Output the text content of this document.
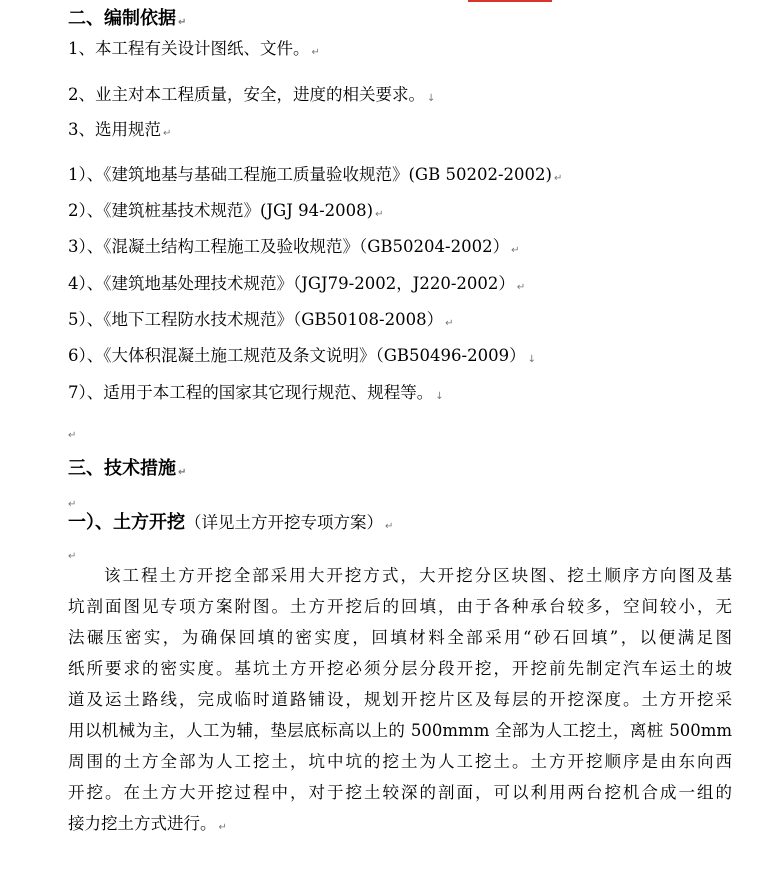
二、编制依据 ↵
1、本工程有关设计图纸、文件。 ↵
2、业主对本工程质量，安全，进度的相关要求。 ↓
3、选用规范 ↵
1）、《建筑地基与基础工程施工质量验收规范》(GB 50202-2002) ↵
2）、《建筑桩基技术规范》(JGJ 94-2008) ↵
3）、《混凝土结构工程施工及验收规范》（GB50204-2002） ↵
4）、《建筑地基处理技术规范》（JGJ79-2002，J220-2002） ↵
5）、《地下工程防水技术规范》（GB50108-2008） ↵
6）、《大体积混凝土施工规范及条文说明》（GB50496-2009） ↓
7）、适用于本工程的国家其它现行规范、规程等。 ↓
↵
三、技术措施 ↵
↵
一）、土方开挖（详见土方开挖专项方案） ↵
↵
该工程土方开挖全部采用大开挖方式，大开挖分区块图、挖土顺序方向图及基
坑剖面图见专项方案附图。土方开挖后的回填，由于各种承台较多，空间较小，无
法碾压密实，为确保回填的密实度，回填材料全部采用“砂石回填”，以便满足图
纸所要求的密实度。基坑土方开挖必须分层分段开挖，开挖前先制定汽车运土的坡
道及运土路线，完成临时道路铺设，规划开挖片区及每层的开挖深度。土方开挖采
用以机械为主，人工为辅，垫层底标高以上的 500mmm 全部为人工挖土，离桩 500mm
周围的土方全部为人工挖土，坑中坑的挖土为人工挖土。土方开挖顺序是由东向西
开挖。在土方大开挖过程中，对于挖土较深的剖面，可以利用两台挖机合成一组的
接力挖土方式进行。 ↵
